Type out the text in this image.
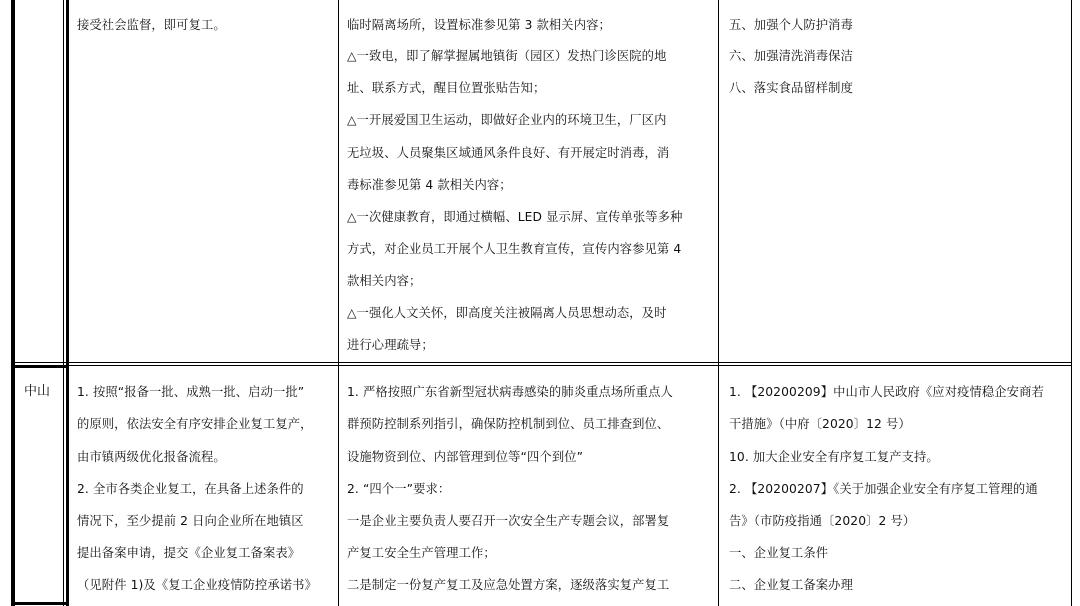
接受社会监督，即可复工。	临时隔离场所，设置标准参见第 3 款相关内容；
△一致电，即了解掌握属地镇街（园区）发热门诊医院的地
址、联系方式，醒目位置张贴告知；
△一开展爱国卫生运动，即做好企业内的环境卫生，厂区内
无垃圾、人员聚集区域通风条件良好、有开展定时消毒，消
毒标准参见第 4 款相关内容；
△一次健康教育，即通过横幅、LED 显示屏、宣传单张等多种
方式，对企业员工开展个人卫生教育宣传，宣传内容参见第 4
款相关内容；
△一强化人文关怀，即高度关注被隔离人员思想动态，及时
进行心理疏导；
五、加强个人防护消毒
六、加强清洗消毒保洁
八、落实食品留样制度
中山 1. 按照“报备一批、成熟一批、启动一批”
的原则，依法安全有序安排企业复工复产，
由市镇两级优化报备流程。
2. 全市各类企业复工，在具备上述条件的
情况下，至少提前 2 日向企业所在地镇区
提出备案申请，提交《企业复工备案表》
（见附件 1)及《复工企业疫情防控承诺书》
1. 严格按照广东省新型冠状病毒感染的肺炎重点场所重点人
群预防控制系列指引，确保防控机制到位、员工排查到位、
设施物资到位、内部管理到位等“四个到位”
2. “四个一”要求：
一是企业主要负责人要召开一次安全生产专题会议，部署复
产复工安全生产管理工作；
二是制定一份复产复工及应急处置方案，逐级落实复产复工
1. 【20200209】中山市人民政府《应对疫情稳企安商若
干措施》（中府〔2020〕12 号）
10. 加大企业安全有序复工复产支持。
2. 【20200207】《关于加强企业安全有序复工管理的通
告》（市防疫指通〔2020〕2 号）
一、企业复工条件
二、企业复工备案办理
